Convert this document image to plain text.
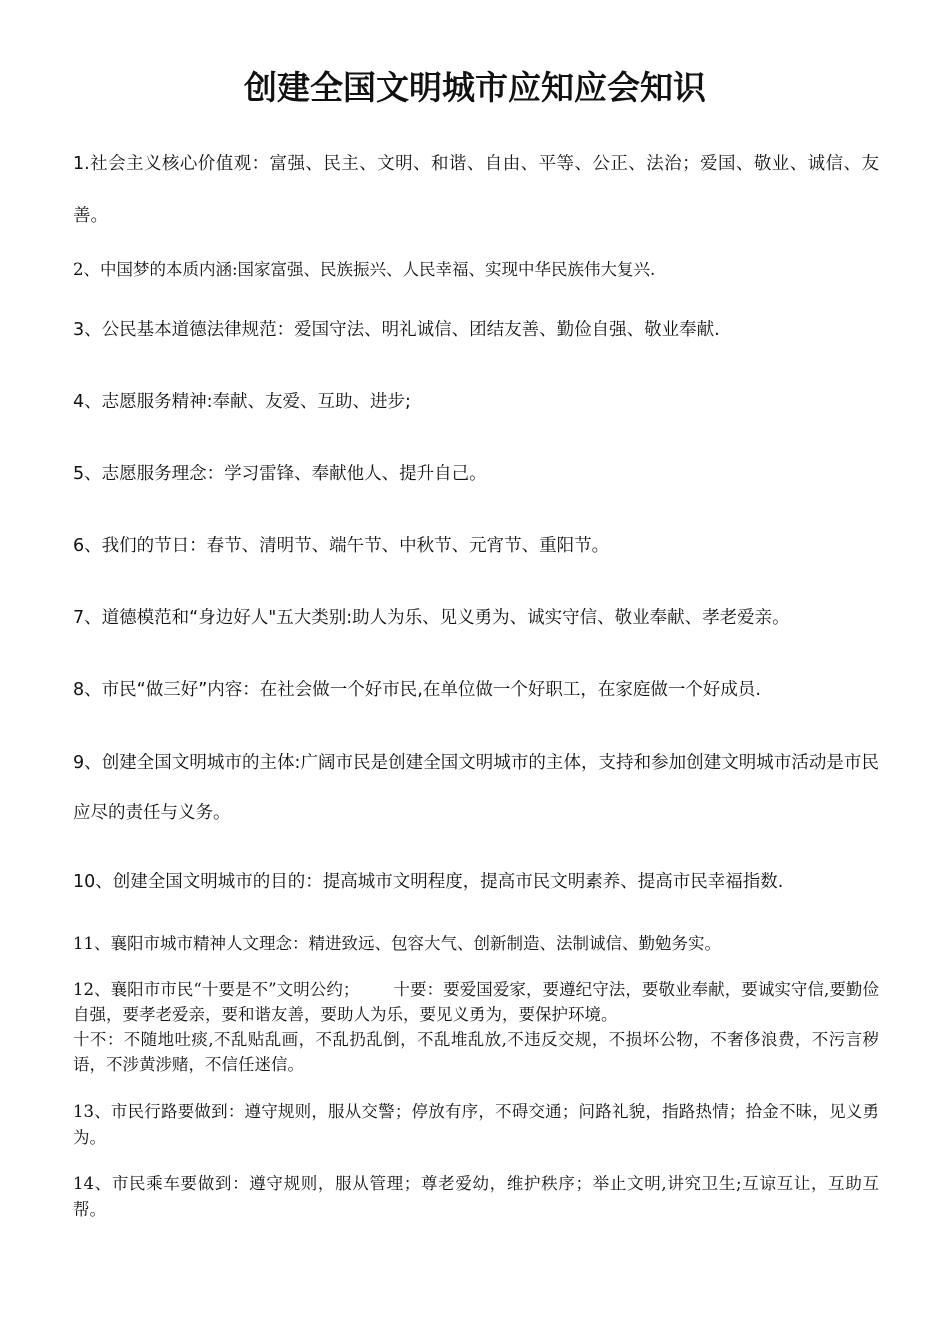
创建全国文明城市应知应会知识

1.社会主义核心价值观：富强、民主、文明、和谐、自由、平等、公正、法治；爱国、敬业、诚信、友善。

2、中国梦的本质内涵:国家富强、民族振兴、人民幸福、实现中华民族伟大复兴.

3、公民基本道德法律规范：爱国守法、明礼诚信、团结友善、勤俭自强、敬业奉献.

4、志愿服务精神:奉献、友爱、互助、进步;

5、志愿服务理念：学习雷锋、奉献他人、提升自己。

6、我们的节日：春节、清明节、端午节、中秋节、元宵节、重阳节。

7、道德模范和“身边好人"五大类别:助人为乐、见义勇为、诚实守信、敬业奉献、孝老爱亲。

8、市民“做三好”内容：在社会做一个好市民,在单位做一个好职工，在家庭做一个好成员.

9、创建全国文明城市的主体:广阔市民是创建全国文明城市的主体，支持和参加创建文明城市活动是市民应尽的责任与义务。

10、创建全国文明城市的目的：提高城市文明程度，提高市民文明素养、提高市民幸福指数.

11、襄阳市城市精神人文理念：精进致远、包容大气、创新制造、法制诚信、勤勉务实。

12、襄阳市市民“十要是不”文明公约； 十要：要爱国爱家，要遵纪守法，要敬业奉献，要诚实守信,要勤俭自强，要孝老爱亲，要和谐友善，要助人为乐，要见义勇为，要保护环境。
十不：不随地吐痰,不乱贴乱画，不乱扔乱倒，不乱堆乱放,不违反交规，不损坏公物，不奢侈浪费，不污言秽语，不涉黄涉赌，不信任迷信。

13、市民行路要做到：遵守规则，服从交警；停放有序，不碍交通；问路礼貌，指路热情；拾金不昧，见义勇为。

14、市民乘车要做到：遵守规则，服从管理；尊老爱幼，维护秩序；举止文明,讲究卫生;互谅互让，互助互帮。
